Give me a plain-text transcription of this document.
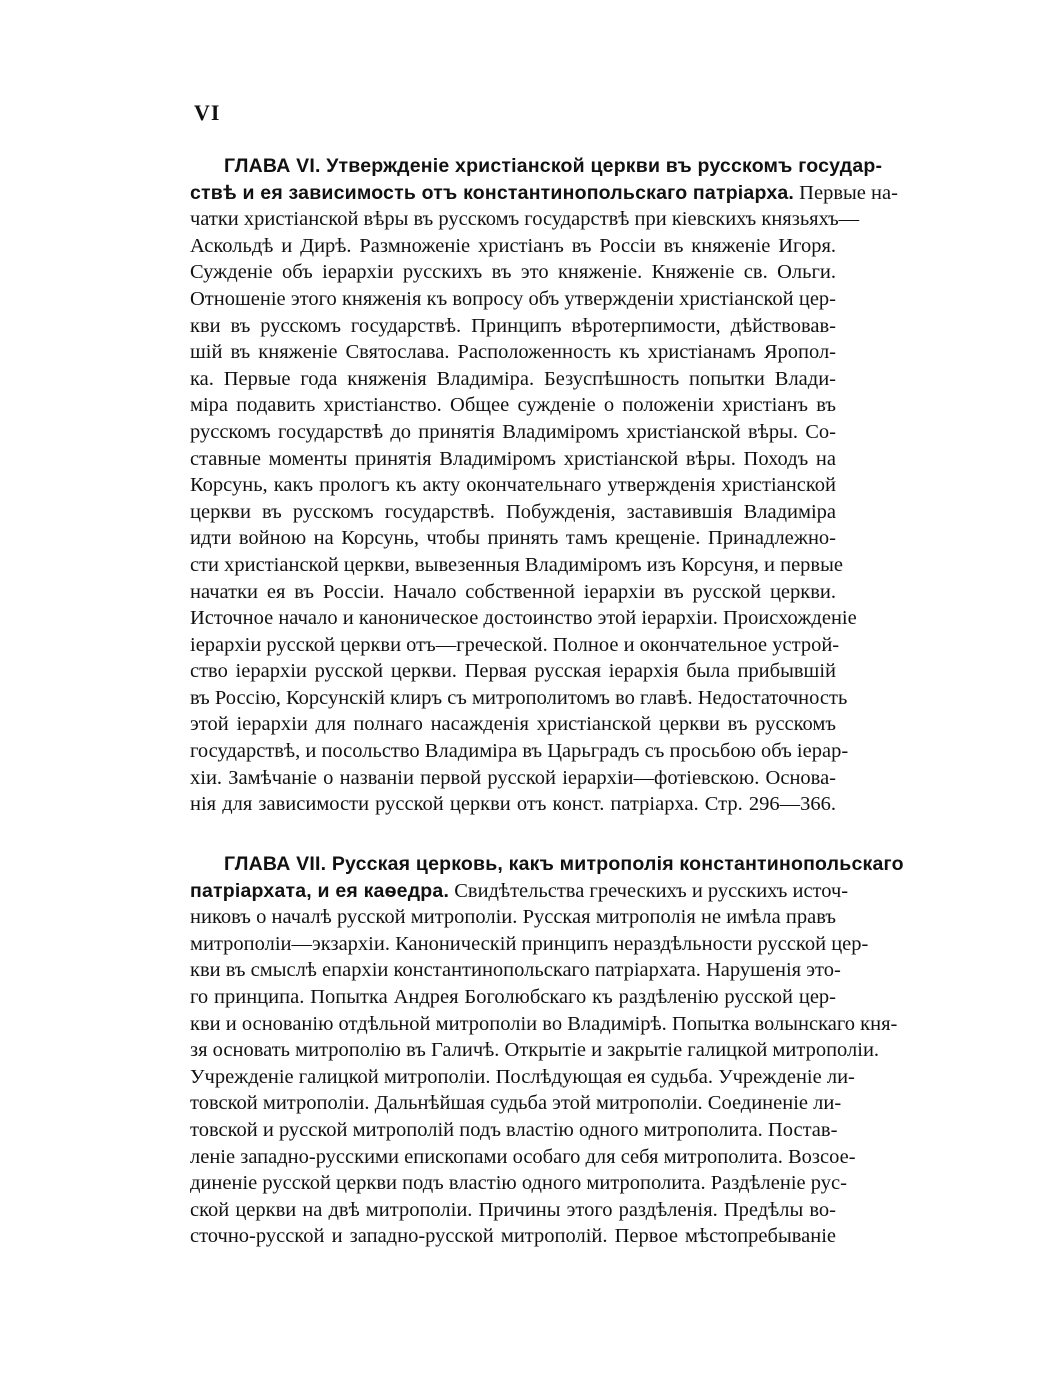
VI
ГЛАВА VI. Утвержденіе христіанской церкви въ русскомъ государ-
ствѣ и ея зависимость отъ константинопольскаго патріарха. Первые на-
чатки христіанской вѣры въ русскомъ государствѣ при кіевскихъ князьяхъ—
Аскольдѣ и Дирѣ. Размноженіе христіанъ въ Россіи въ княженіе Игоря.
Сужденіе объ іерархіи русскихъ въ это княженіе. Княженіе св. Ольги.
Отношеніе этого княженія къ вопросу объ утвержденіи христіанской цер-
кви въ русскомъ государствѣ. Принципъ вѣротерпимости, дѣйствовав-
шій въ княженіе Святослава. Расположенность къ христіанамъ Яропол-
ка. Первые года княженія Владиміра. Безуспѣшность попытки Влади-
міра подавить христіанство. Общее сужденіе о положеніи христіанъ въ
русскомъ государствѣ до принятія Владиміромъ христіанской вѣры. Со-
ставные моменты принятія Владиміромъ христіанской вѣры. Походъ на
Корсунь, какъ прологъ къ акту окончательнаго утвержденія христіанской
церкви въ русскомъ государствѣ. Побужденія, заставившія Владиміра
идти войною на Корсунь, чтобы принять тамъ крещеніе. Принадлежно-
сти христіанской церкви, вывезенныя Владиміромъ изъ Корсуня, и первые
начатки ея въ Россіи. Начало собственной іерархіи въ русской церкви.
Источное начало и каноническое достоинство этой іерархіи. Происхожденіе
іерархіи русской церкви отъ—греческой. Полное и окончательное устрой-
ство іерархіи русской церкви. Первая русская іерархія была прибывшій
въ Россію, Корсунскій клиръ съ митрополитомъ во главѣ. Недостаточность
этой іерархіи для полнаго насажденія христіанской церкви въ русскомъ
государствѣ, и посольство Владиміра въ Царьградъ съ просьбою объ іерар-
хіи. Замѣчаніе о названіи первой русской іерархіи—фотіевскою. Основа-
нія для зависимости русской церкви отъ конст. патріарха. Стр. 296—366.
ГЛАВА VII. Русская церковь, какъ митрополія константинопольскаго
патріархата, и ея каѳедра. Свидѣтельства греческихъ и русскихъ источ-
никовъ о началѣ русской митрополіи. Русская митрополія не имѣла правъ
митрополіи—экзархіи. Каноническій принципъ нераздѣльности русской цер-
кви въ смыслѣ епархіи константинопольскаго патріархата. Нарушенія это-
го принципа. Попытка Андрея Боголюбскаго къ раздѣленію русской цер-
кви и основанію отдѣльной митрополіи во Владимірѣ. Попытка волынскаго кня-
зя основать митрополію въ Галичѣ. Открытіе и закрытіе галицкой митрополіи.
Учрежденіе галицкой митрополіи. Послѣдующая ея судьба. Учрежденіе ли-
товской митрополіи. Дальнѣйшая судьба этой митрополіи. Соединеніе ли-
товской и русской митрополій подъ властію одного митрополита. Постав-
леніе западно-русскими епископами особаго для себя митрополита. Возсое-
диненіе русской церкви подъ властію одного митрополита. Раздѣленіе рус-
ской церкви на двѣ митрополіи. Причины этого раздѣленія. Предѣлы во-
сточно-русской и западно-русской митрополій. Первое мѣстопребываніе
